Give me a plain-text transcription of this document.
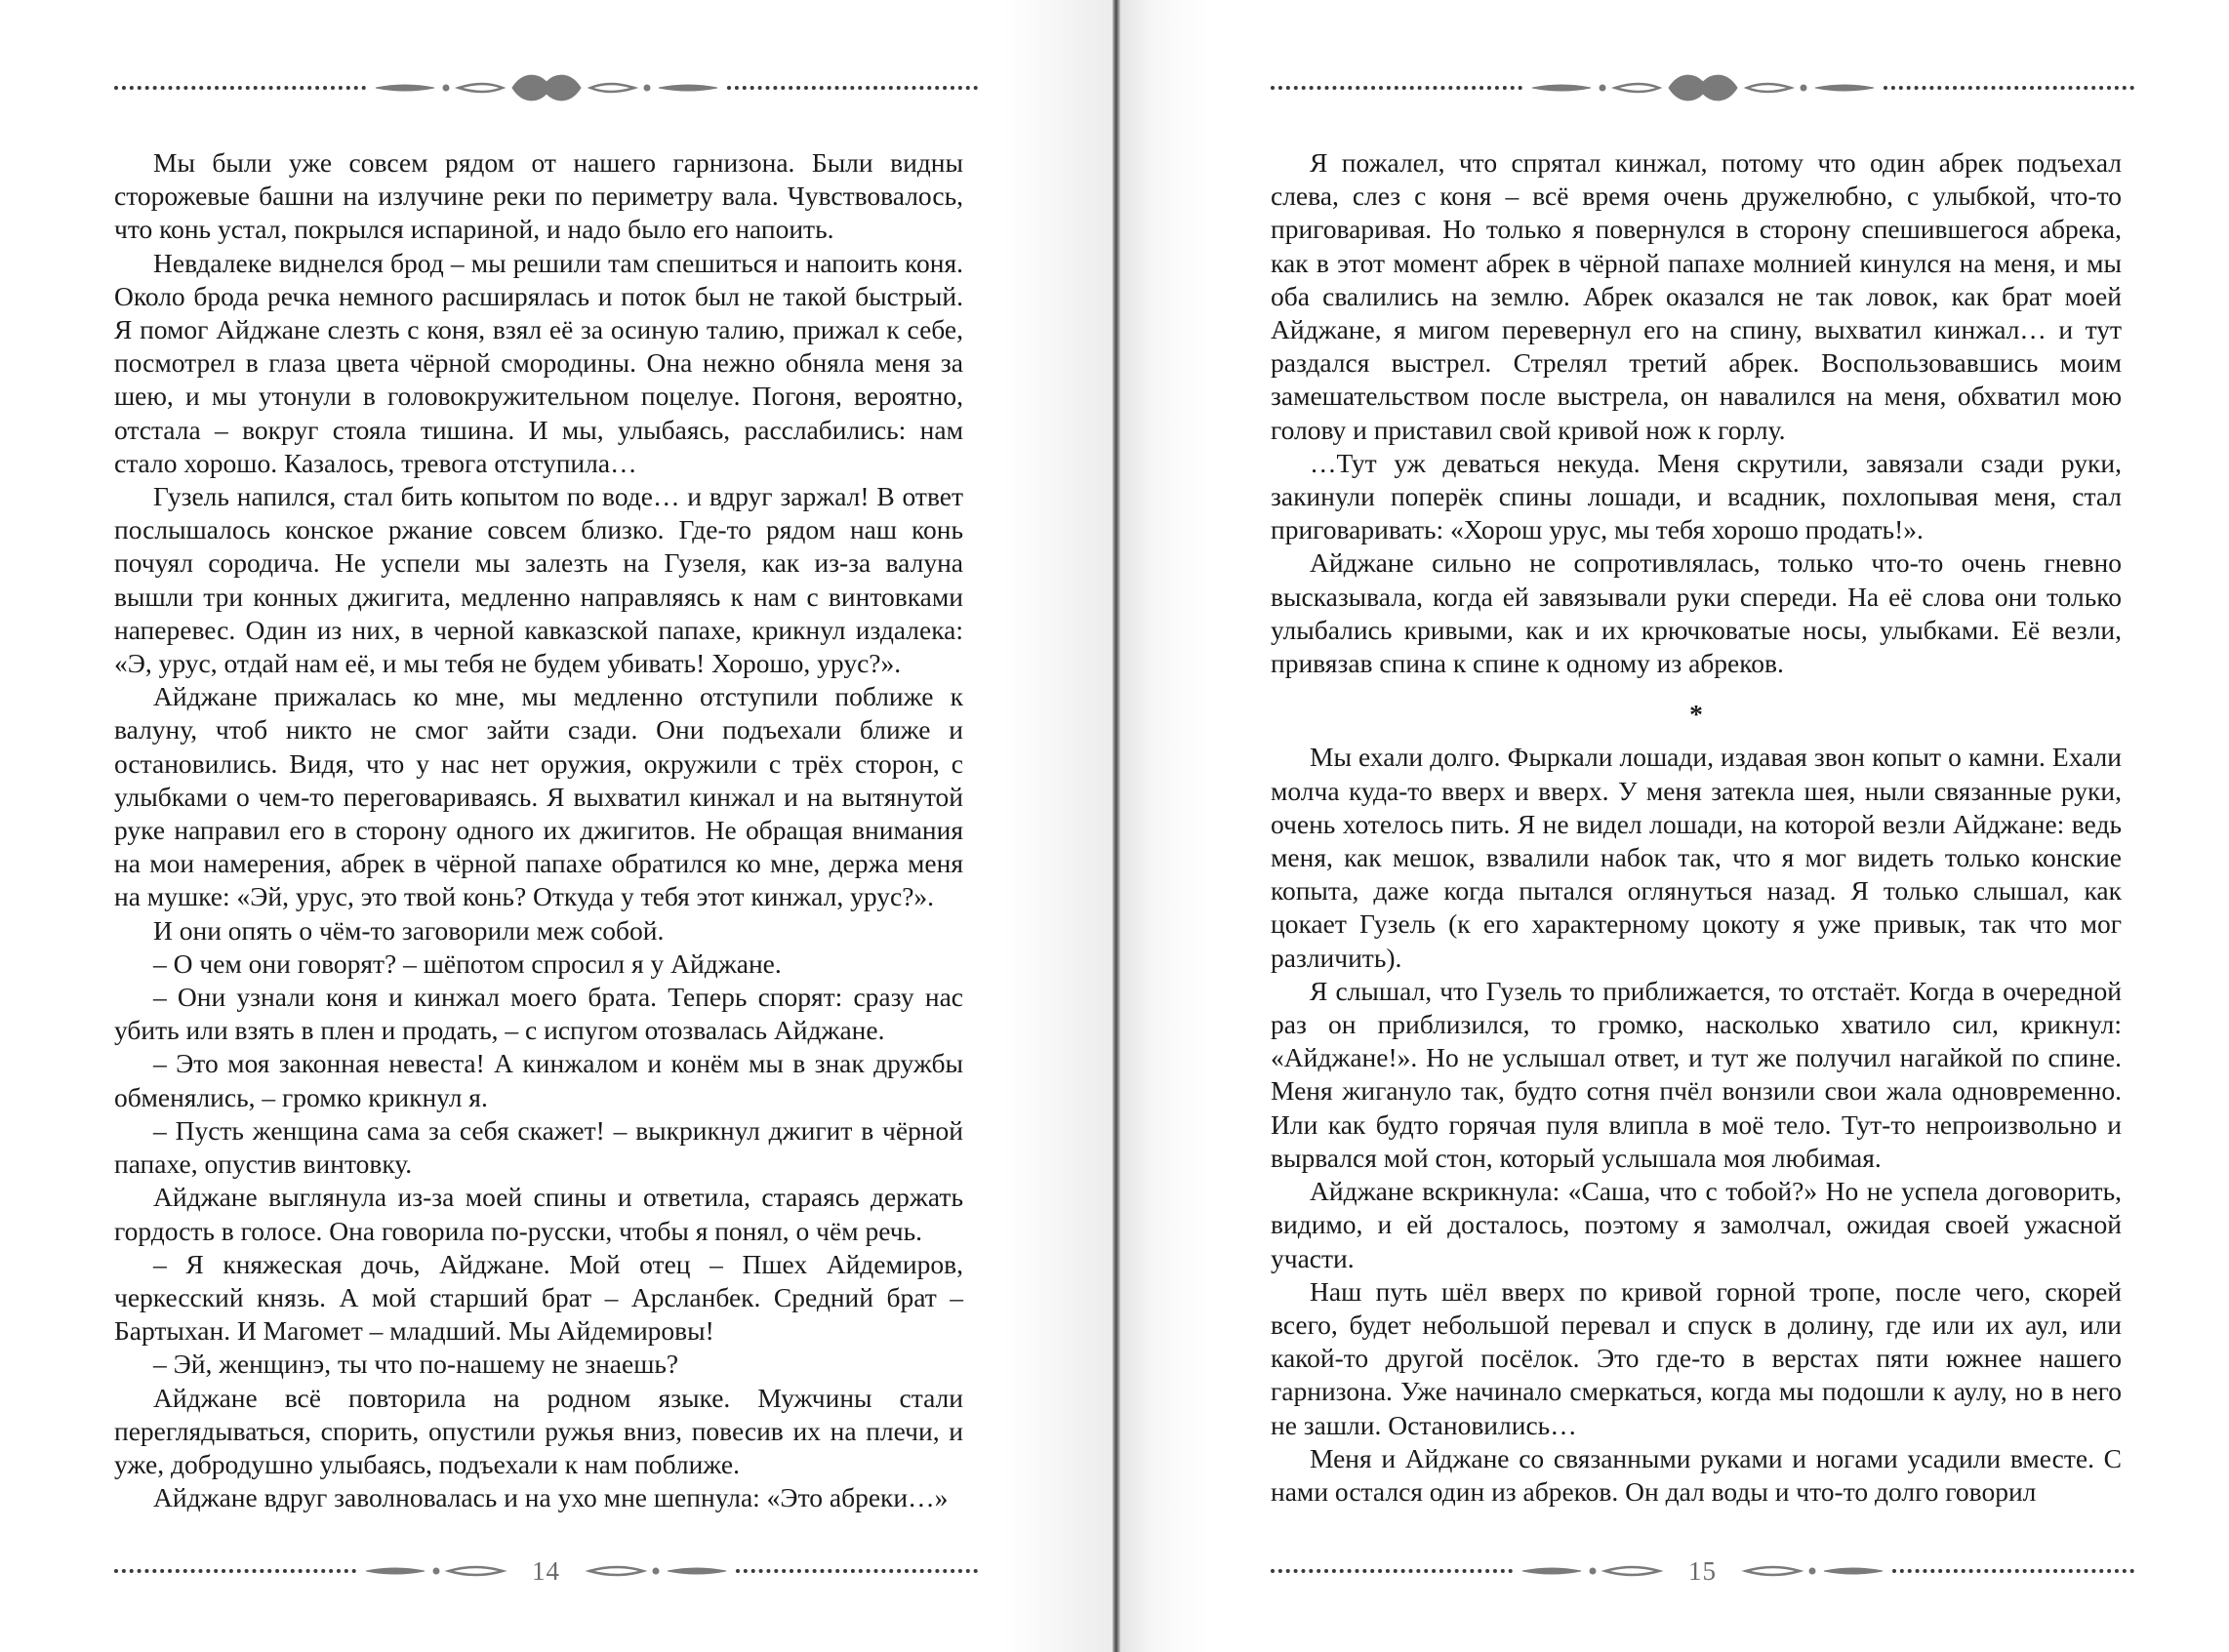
Мы были уже совсем рядом от нашего гарнизона. Были видны сторожевые башни на излучине реки по периметру вала. Чувствовалось, что конь устал, покрылся испариной, и надо было его напоить.

Невдалеке виднелся брод – мы решили там спешиться и напоить коня. Около брода речка немного расширялась и поток был не такой быстрый. Я помог Айджане слезть с коня, взял её за осиную талию, прижал к себе, посмотрел в глаза цвета чёрной смородины. Она нежно обняла меня за шею, и мы утонули в головокружительном поцелуе. Погоня, вероятно, отстала – вокруг стояла тишина. И мы, улыбаясь, расслабились: нам стало хорошо. Казалось, тревога отступила…

Гузель напился, стал бить копытом по воде… и вдруг заржал! В ответ послышалось конское ржание совсем близко. Где-то рядом наш конь почуял сородича. Не успели мы залезть на Гузеля, как из-за валуна вышли три конных джигита, медленно направляясь к нам с винтовками наперевес. Один из них, в черной кавказской папахе, крикнул издалека: «Э, урус, отдай нам её, и мы тебя не будем убивать! Хорошо, урус?».

Айджане прижалась ко мне, мы медленно отступили поближе к валуну, чтоб никто не смог зайти сзади. Они подъехали ближе и остановились. Видя, что у нас нет оружия, окружили с трёх сторон, с улыбками о чем-то переговариваясь. Я выхватил кинжал и на вытянутой руке направил его в сторону одного их джигитов. Не обращая внимания на мои намерения, абрек в чёрной папахе обратился ко мне, держа меня на мушке: «Эй, урус, это твой конь? Откуда у тебя этот кинжал, урус?».

И они опять о чём-то заговорили меж собой.

– О чем они говорят? – шёпотом спросил я у Айджане.

– Они узнали коня и кинжал моего брата. Теперь спорят: сразу нас убить или взять в плен и продать, – с испугом отозвалась Айджане.

– Это моя законная невеста! А кинжалом и конём мы в знак дружбы обменялись, – громко крикнул я.

– Пусть женщина сама за себя скажет! – выкрикнул джигит в чёрной папахе, опустив винтовку.

Айджане выглянула из-за моей спины и ответила, стараясь держать гордость в голосе. Она говорила по-русски, чтобы я понял, о чём речь.

– Я княжеская дочь, Айджане. Мой отец – Пшех Айдемиров, черкесский князь. А мой старший брат – Арсланбек. Средний брат – Бартыхан. И Магомет – младший. Мы Айдемировы!

– Эй, женщинэ, ты что по-нашему не знаешь?

Айджане всё повторила на родном языке. Мужчины стали переглядываться, спорить, опустили ружья вниз, повесив их на плечи, и уже, добродушно улыбаясь, подъехали к нам поближе.

Айджане вдруг заволновалась и на ухо мне шепнула: «Это абреки…»

14

Я пожалел, что спрятал кинжал, потому что один абрек подъехал слева, слез с коня – всё время очень дружелюбно, с улыбкой, что-то приговаривая. Но только я повернулся в сторону спешившегося абрека, как в этот момент абрек в чёрной папахе молнией кинулся на меня, и мы оба свалились на землю. Абрек оказался не так ловок, как брат моей Айджане, я мигом перевернул его на спину, выхватил кинжал… и тут раздался выстрел. Стрелял третий абрек. Воспользовавшись моим замешательством после выстрела, он навалился на меня, обхватил мою голову и приставил свой кривой нож к горлу.

…Тут уж деваться некуда. Меня скрутили, завязали сзади руки, закинули поперёк спины лошади, и всадник, похлопывая меня, стал приговаривать: «Хорош урус, мы тебя хорошо продать!».

Айджане сильно не сопротивлялась, только что-то очень гневно высказывала, когда ей завязывали руки спереди. На её слова они только улыбались кривыми, как и их крючковатые носы, улыбками. Её везли, привязав спина к спине к одному из абреков.

*

Мы ехали долго. Фыркали лошади, издавая звон копыт о камни. Ехали молча куда-то вверх и вверх. У меня затекла шея, ныли связанные руки, очень хотелось пить. Я не видел лошади, на которой везли Айджане: ведь меня, как мешок, взвалили набок так, что я мог видеть только конские копыта, даже когда пытался оглянуться назад. Я только слышал, как цокает Гузель (к его характерному цокоту я уже привык, так что мог различить).

Я слышал, что Гузель то приближается, то отстаёт. Когда в очередной раз он приблизился, то громко, насколько хватило сил, крикнул: «Айджане!». Но не услышал ответ, и тут же получил нагайкой по спине. Меня жигануло так, будто сотня пчёл вонзили свои жала одновременно. Или как будто горячая пуля влипла в моё тело. Тут-то непроизвольно и вырвался мой стон, который услышала моя любимая.

Айджане вскрикнула: «Саша, что с тобой?» Но не успела договорить, видимо, и ей досталось, поэтому я замолчал, ожидая своей ужасной участи.

Наш путь шёл вверх по кривой горной тропе, после чего, скорей всего, будет небольшой перевал и спуск в долину, где или их аул, или какой-то другой посёлок. Это где-то в верстах пяти южнее нашего гарнизона. Уже начинало смеркаться, когда мы подошли к аулу, но в него не зашли. Остановились…

Меня и Айджане со связанными руками и ногами усадили вместе. С нами остался один из абреков. Он дал воды и что-то долго говорил

15
